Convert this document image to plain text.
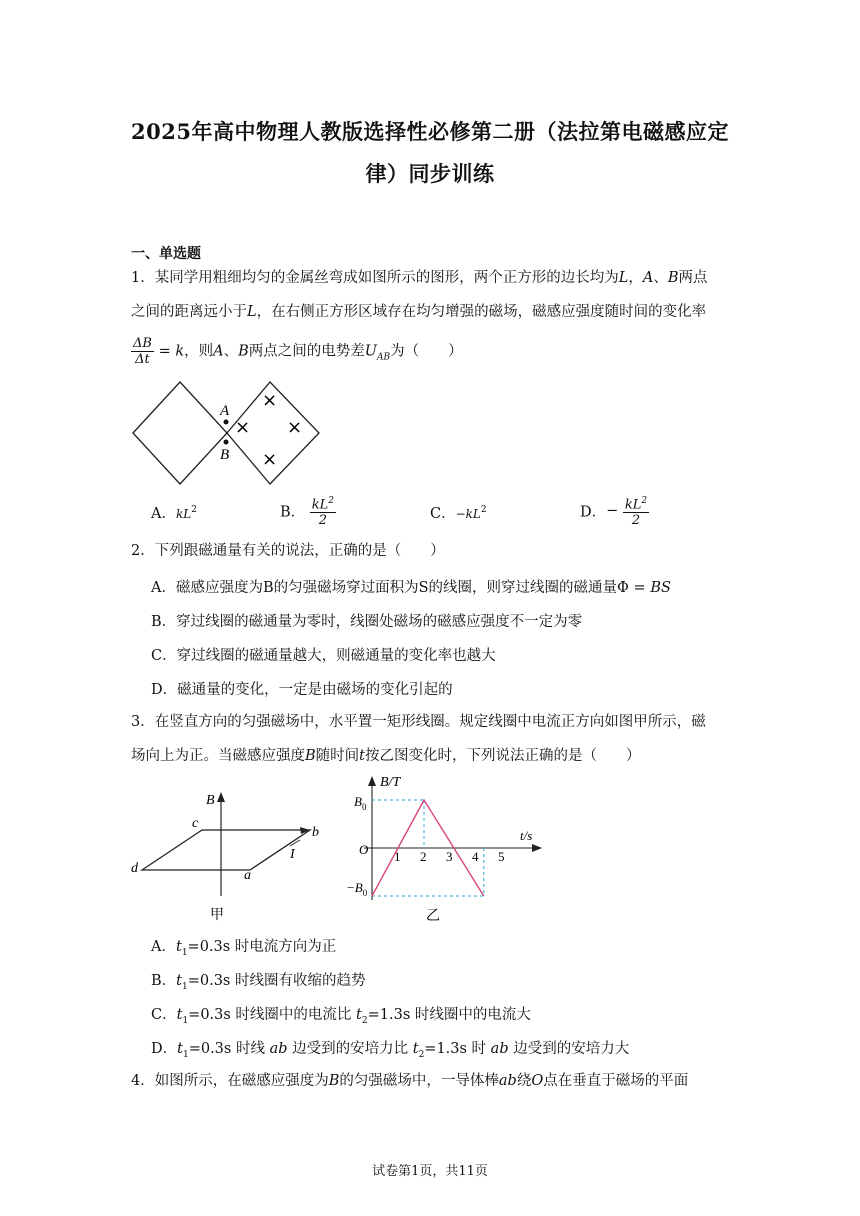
2025年高中物理人教版选择性必修第二册（法拉第电磁感应定
律）同步训练
一、单选题
1．某同学用粗细均匀的金属丝弯成如图所示的图形，两个正方形的边长均为L，A、B两点
之间的距离远小于L，在右侧正方形区域存在均匀增强的磁场，磁感应强度随时间的变化率
$\frac{\Delta B}{\Delta t} = k$，则A、B两点之间的电势差$U_{AB}$为（　　）
A
B
×
× ×
×
A．$kL^2$	B． $\frac{kL^2}{2}$	C．$-kL^2$	D．− $\frac{kL^2}{2}$
2．下列跟磁通量有关的说法，正确的是（　　）
A．磁感应强度为B的匀强磁场穿过面积为S的线圈，则穿过线圈的磁通量Φ = BS
B．穿过线圈的磁通量为零时，线圈处磁场的磁感应强度不一定为零
C．穿过线圈的磁通量越大，则磁通量的变化率也越大
D．磁通量的变化，一定是由磁场的变化引起的
3．在竖直方向的匀强磁场中，水平置一矩形线圈。规定线圈中电流正方向如图甲所示，磁
场向上为正。当磁感应强度B随时间t按乙图变化时，下列说法正确的是（　　）
B
c
b
I
d	a
甲
B/T
t/s
O
$B_0$
$-B_0$
1 2 3 4 5
乙
A．$t_1=0.3s$ 时电流方向为正
B．$t_1=0.3s$ 时线圈有收缩的趋势
C．$t_1=0.3s$ 时线圈中的电流比 $t_2=1.3s$ 时线圈中的电流大
D．$t_1=0.3s$ 时线 ab 边受到的安培力比 $t_2=1.3s$ 时 ab 边受到的安培力大
4．如图所示，在磁感应强度为B的匀强磁场中，一导体棒ab绕O点在垂直于磁场的平面
试卷第1页，共11页
